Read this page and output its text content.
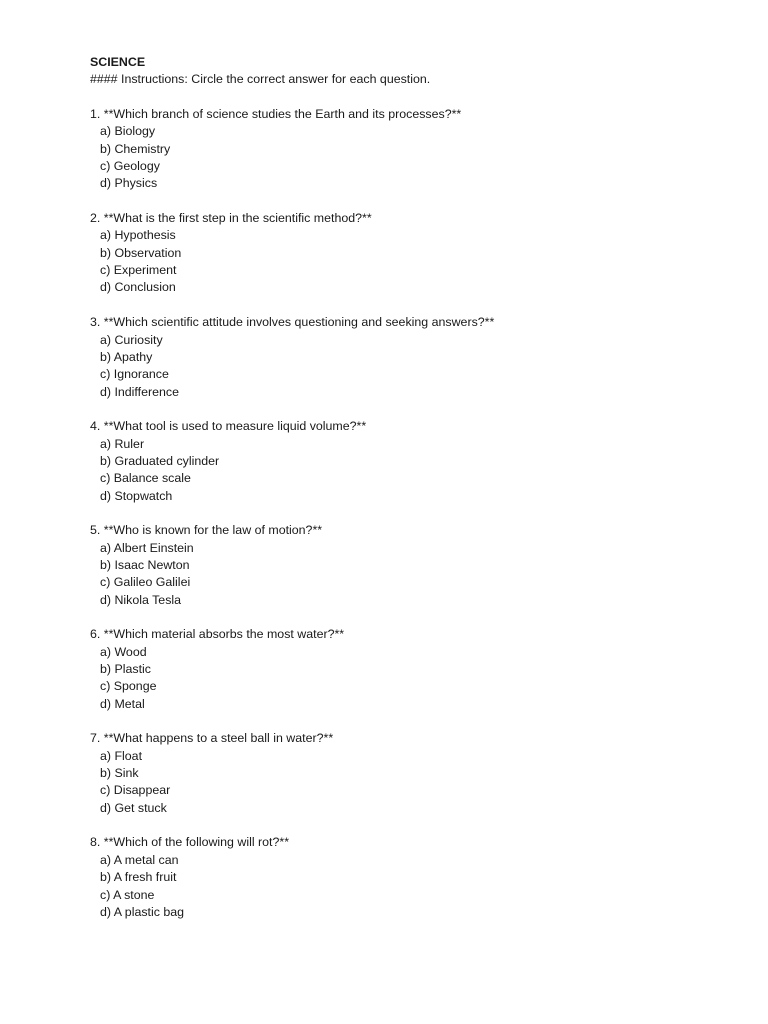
SCIENCE
#### Instructions: Circle the correct answer for each question.
1. **Which branch of science studies the Earth and its processes?**
a) Biology
b) Chemistry
c) Geology
d) Physics
2. **What is the first step in the scientific method?**
a) Hypothesis
b) Observation
c) Experiment
d) Conclusion
3. **Which scientific attitude involves questioning and seeking answers?**
a) Curiosity
b) Apathy
c) Ignorance
d) Indifference
4. **What tool is used to measure liquid volume?**
a) Ruler
b) Graduated cylinder
c) Balance scale
d) Stopwatch
5. **Who is known for the law of motion?**
a) Albert Einstein
b) Isaac Newton
c) Galileo Galilei
d) Nikola Tesla
6. **Which material absorbs the most water?**
a) Wood
b) Plastic
c) Sponge
d) Metal
7. **What happens to a steel ball in water?**
a) Float
b) Sink
c) Disappear
d) Get stuck
8. **Which of the following will rot?**
a) A metal can
b) A fresh fruit
c) A stone
d) A plastic bag
